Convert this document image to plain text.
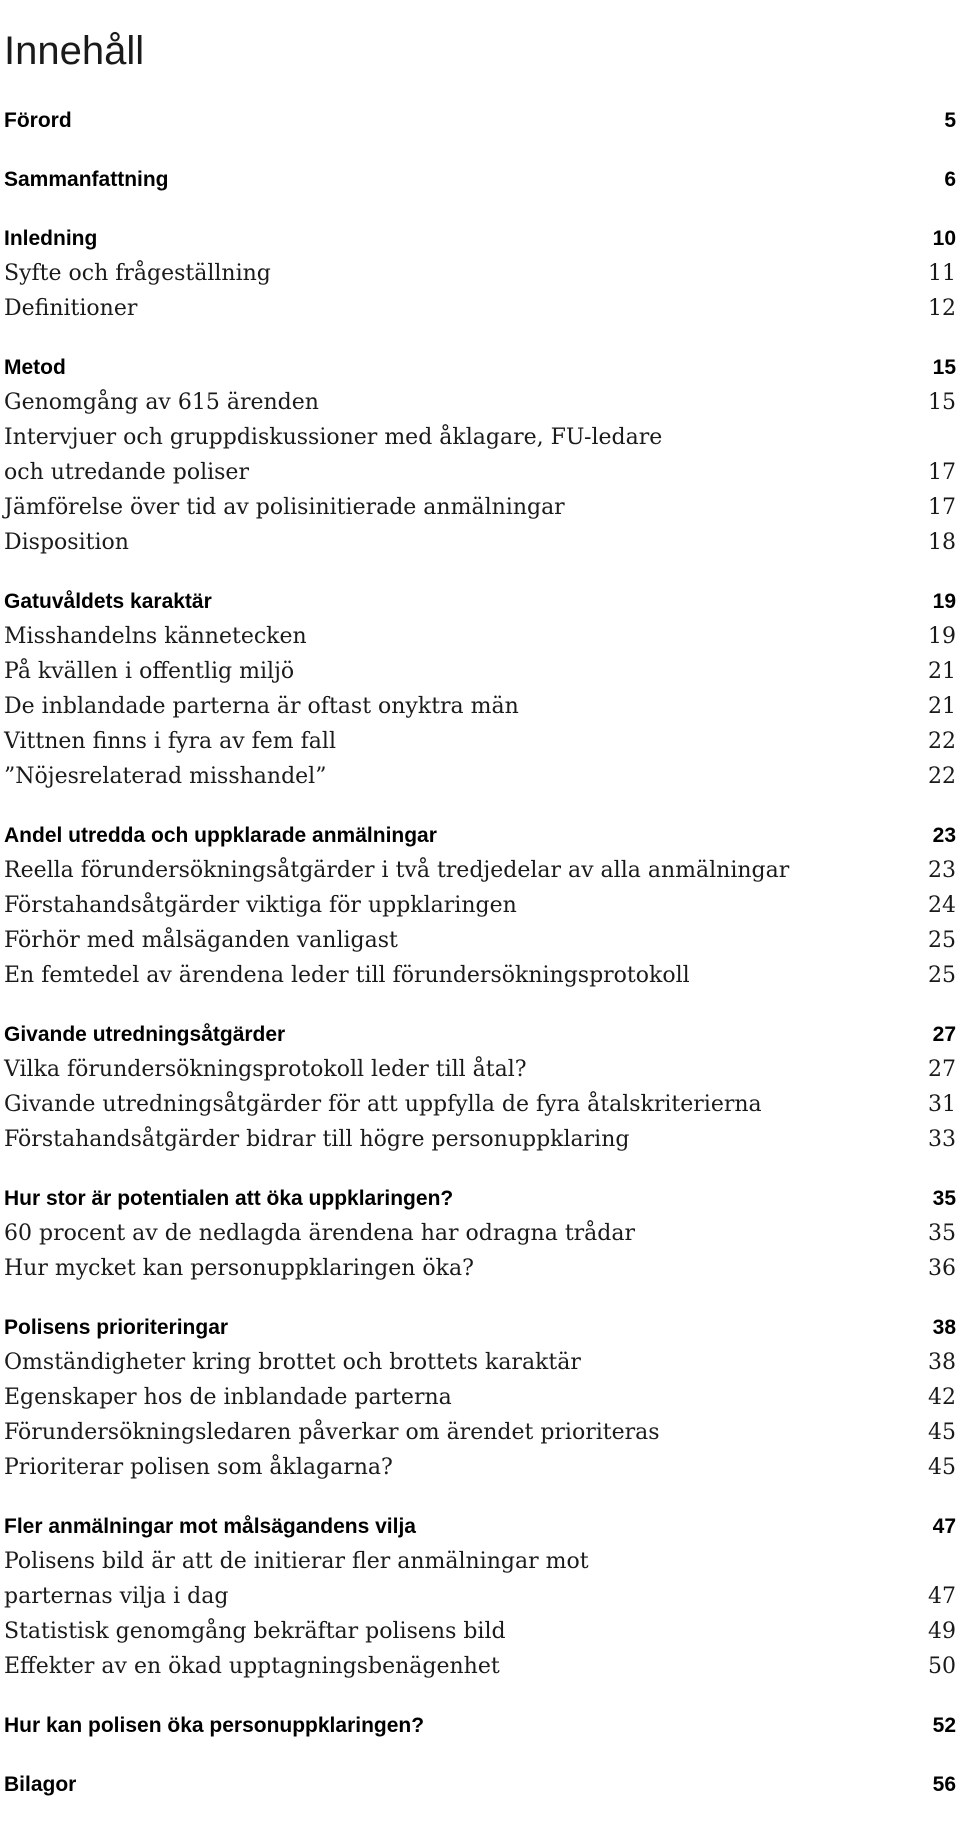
Innehåll
Förord	5
Sammanfattning	6
Inledning	10
Syfte och frågeställning	11
Definitioner	12
Metod	15
Genomgång av 615 ärenden	15
Intervjuer och gruppdiskussioner med åklagare, FU-ledare och utredande poliser	17
Jämförelse över tid av polisinitierade anmälningar	17
Disposition	18
Gatuvåldets karaktär	19
Misshandelns kännetecken	19
På kvällen i offentlig miljö	21
De inblandade parterna är oftast onyktra män	21
Vittnen finns i fyra av fem fall	22
”Nöjesrelaterad misshandel”	22
Andel utredda och uppklarade anmälningar	23
Reella förundersökningsåtgärder i två tredjedelar av alla anmälningar	23
Förstahandsåtgärder viktiga för uppklaringen	24
Förhör med målsäganden vanligast	25
En femtedel av ärendena leder till förundersökningsprotokoll	25
Givande utredningsåtgärder	27
Vilka förundersökningsprotokoll leder till åtal?	27
Givande utredningsåtgärder för att uppfylla de fyra åtalskriterierna	31
Förstahandsåtgärder bidrar till högre personuppklaring	33
Hur stor är potentialen att öka uppklaringen?	35
60 procent av de nedlagda ärendena har odragna trådar	35
Hur mycket kan personuppklaringen öka?	36
Polisens prioriteringar	38
Omständigheter kring brottet och brottets karaktär	38
Egenskaper hos de inblandade parterna	42
Förundersökningsledaren påverkar om ärendet prioriteras	45
Prioriterar polisen som åklagarna?	45
Fler anmälningar mot målsägandens vilja	47
Polisens bild är att de initierar fler anmälningar mot parternas vilja i dag	47
Statistisk genomgång bekräftar polisens bild	49
Effekter av en ökad upptagningsbenägenhet	50
Hur kan polisen öka personuppklaringen?	52
Bilagor	56
